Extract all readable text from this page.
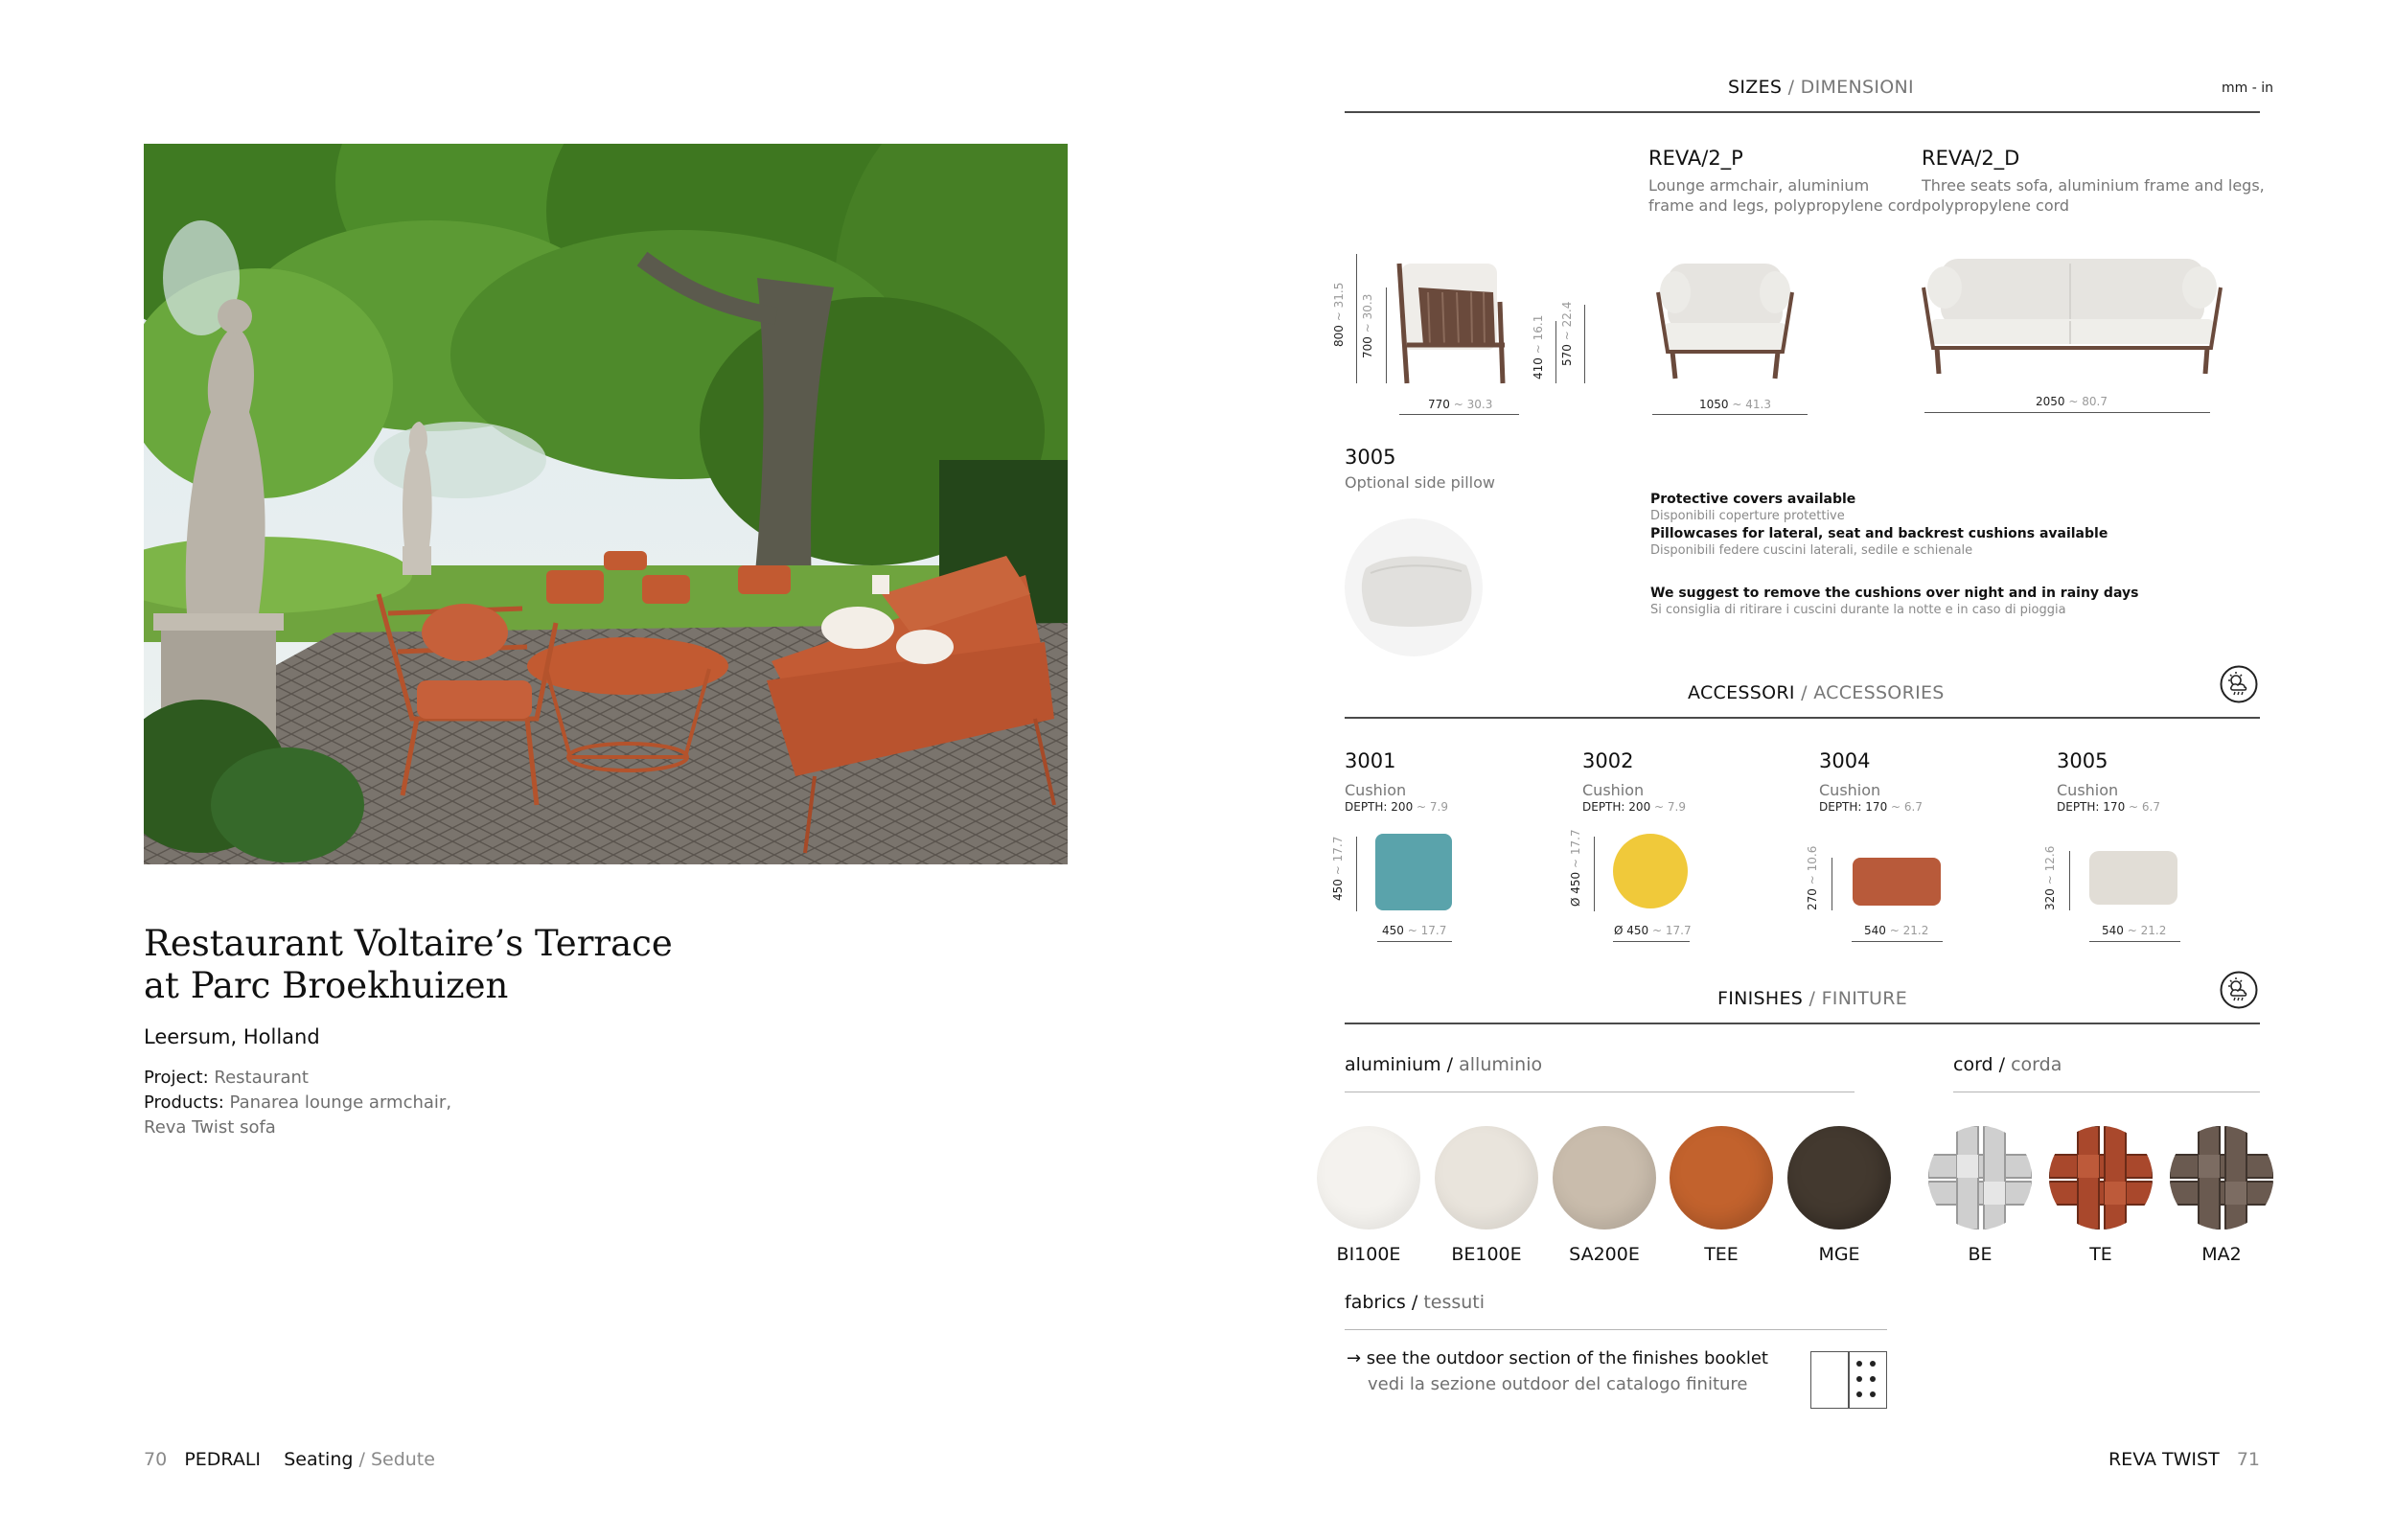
Restaurant Voltaire’s Terrace
at Parc Broekhuizen
Leersum, Holland
Project: Restaurant
Products: Panarea lounge armchair,
Reva Twist sofa
70 PEDRALI Seating / Sedute
SIZES / DIMENSIONI	mm - in
REVA/2_P
Lounge armchair, aluminium
frame and legs, polypropylene cord
REVA/2_D
Three seats sofa, aluminium frame and legs,
polypropylene cord
800 ~ 31.5
700 ~ 30.3
410 ~ 16.1
570 ~ 22.4
770 ~ 30.3	1050 ~ 41.3	2050 ~ 80.7
3005
Optional side pillow
Protective covers available
Disponibili coperture protettive
Pillowcases for lateral, seat and backrest cushions available
Disponibili federe cuscini laterali, sedile e schienale
We suggest to remove the cushions over night and in rainy days
Si consiglia di ritirare i cuscini durante la notte e in caso di pioggia
ACCESSORI / ACCESSORIES
3001
Cushion
DEPTH: 200 ~ 7.9
3002
Cushion
DEPTH: 200 ~ 7.9
3004
Cushion
DEPTH: 170 ~ 6.7
3005
Cushion
DEPTH: 170 ~ 6.7
450 ~ 17.7
450 ~ 17.7
Ø 450 ~ 17.7
Ø 450 ~ 17.7
270 ~ 10.6
540 ~ 21.2
320 ~ 12.6
540 ~ 21.2
FINISHES / FINITURE
aluminium / alluminio	cord / corda
BI100E	BE100E	SA200E	TEE	MGE	BE	TE	MA2
fabrics / tessuti
→ see the outdoor section of the finishes booklet
vedi la sezione outdoor del catalogo finiture
REVA TWIST 71
